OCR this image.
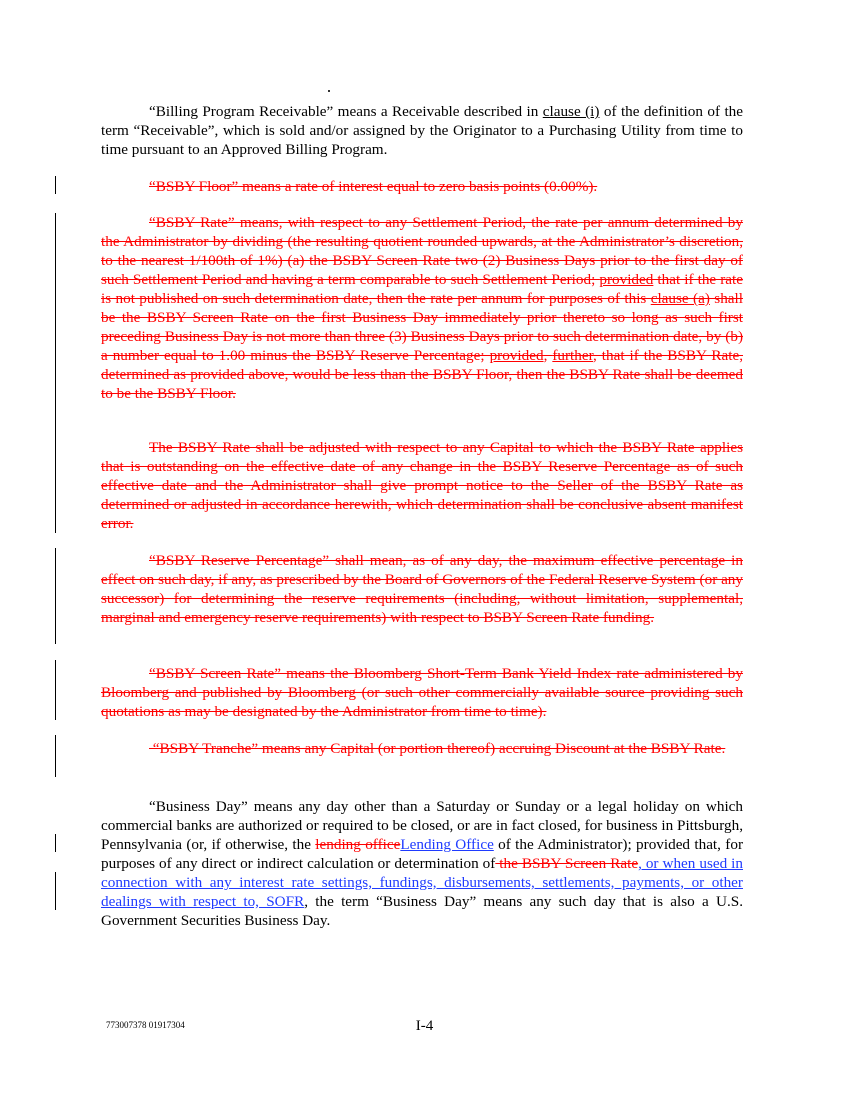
“Billing Program Receivable” means a Receivable described in clause (i) of the definition of the term “Receivable”, which is sold and/or assigned by the Originator to a Purchasing Utility from time to time pursuant to an Approved Billing Program.

“BSBY Floor” means a rate of interest equal to zero basis points (0.00%).

“BSBY Rate” means, with respect to any Settlement Period, the rate per annum determined by the Administrator by dividing (the resulting quotient rounded upwards, at the Administrator’s discretion, to the nearest 1/100th of 1%) (a) the BSBY Screen Rate two (2) Business Days prior to the first day of such Settlement Period and having a term comparable to such Settlement Period; provided that if the rate is not published on such determination date, then the rate per annum for purposes of this clause (a) shall be the BSBY Screen Rate on the first Business Day immediately prior thereto so long as such first preceding Business Day is not more than three (3) Business Days prior to such determination date, by (b) a number equal to 1.00 minus the BSBY Reserve Percentage; provided, further, that if the BSBY Rate, determined as provided above, would be less than the BSBY Floor, then the BSBY Rate shall be deemed to be the BSBY Floor.

The BSBY Rate shall be adjusted with respect to any Capital to which the BSBY Rate applies that is outstanding on the effective date of any change in the BSBY Reserve Percentage as of such effective date and the Administrator shall give prompt notice to the Seller of the BSBY Rate as determined or adjusted in accordance herewith, which determination shall be conclusive absent manifest error.

“BSBY Reserve Percentage” shall mean, as of any day, the maximum effective percentage in effect on such day, if any, as prescribed by the Board of Governors of the Federal Reserve System (or any successor) for determining the reserve requirements (including, without limitation, supplemental, marginal and emergency reserve requirements) with respect to BSBY Screen Rate funding.

“BSBY Screen Rate” means the Bloomberg Short-Term Bank Yield Index rate administered by Bloomberg and published by Bloomberg (or such other commercially available source providing such quotations as may be designated by the Administrator from time to time).

“BSBY Tranche” means any Capital (or portion thereof) accruing Discount at the BSBY Rate.

“Business Day” means any day other than a Saturday or Sunday or a legal holiday on which commercial banks are authorized or required to be closed, or are in fact closed, for business in Pittsburgh, Pennsylvania (or, if otherwise, the lending officeLending Office of the Administrator); provided that, for purposes of any direct or indirect calculation or determination of the BSBY Screen Rate, or when used in connection with any interest rate settings, fundings, disbursements, settlements, payments, or other dealings with respect to, SOFR, the term “Business Day” means any such day that is also a U.S. Government Securities Business Day.

773007378 01917304	I-4
